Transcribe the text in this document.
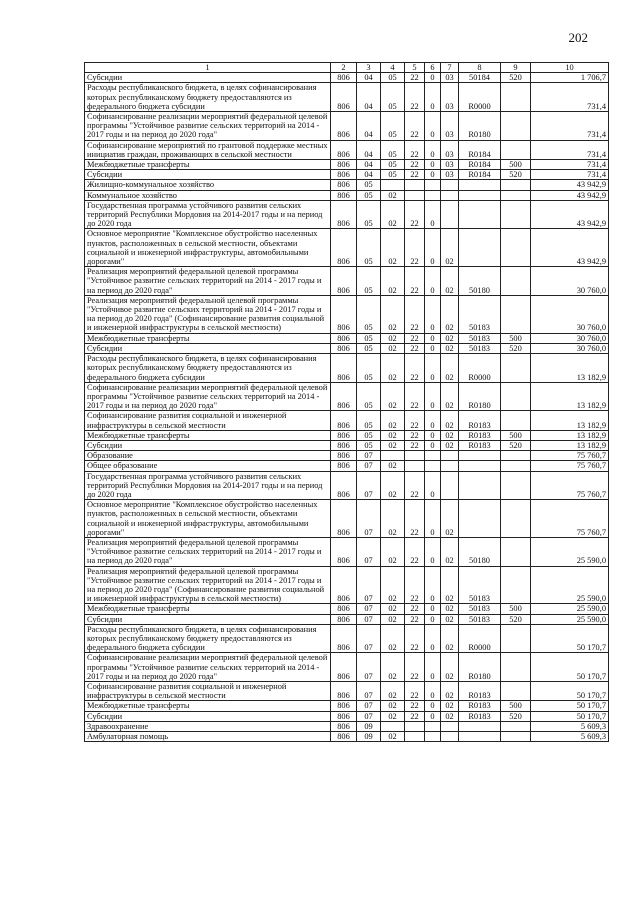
202
1	2	3	4	5	6	7	8	9	10
Субсидии	806	04	05	22	0	03	50184	520	1 706,7
Расходы республиканского бюджета, в целях софинансирования которых республиканскому бюджету предоставляются из федерального бюджета субсидии	806	04	05	22	0	03	R0000		731,4
Софинансирование реализации мероприятий федеральной целевой программы "Устойчивое развитие сельских территорий на 2014 - 2017 годы и на период до 2020 года"	806	04	05	22	0	03	R0180		731,4
Софинансирование мероприятий по грантовой поддержке местных инициатив граждан, проживающих в сельской местности	806	04	05	22	0	03	R0184		731,4
Межбюджетные трансферты	806	04	05	22	0	03	R0184	500	731,4
Субсидии	806	04	05	22	0	03	R0184	520	731,4
Жилищно-коммунальное хозяйство	806	05							43 942,9
Коммунальное хозяйство	806	05	02						43 942,9
Государственная программа устойчивого развития сельских территорий Республики Мордовия на 2014-2017 годы и на период до 2020 года	806	05	02	22	0				43 942,9
Основное мероприятие "Комплексное обустройство населенных пунктов, расположенных в сельской местности, объектами социальной и инженерной инфраструктуры, автомобильными дорогами"	806	05	02	22	0	02			43 942,9
Реализация мероприятий федеральной целевой программы "Устойчивое развитие сельских территорий на 2014 - 2017 годы и на период до 2020 года"	806	05	02	22	0	02	50180		30 760,0
Реализация мероприятий федеральной целевой программы "Устойчивое развитие сельских территорий на 2014 - 2017 годы и на период до 2020 года" (Софинансирование развития социальной и инженерной инфраструктуры в сельской местности)	806	05	02	22	0	02	50183		30 760,0
Межбюджетные трансферты	806	05	02	22	0	02	50183	500	30 760,0
Субсидии	806	05	02	22	0	02	50183	520	30 760,0
Расходы республиканского бюджета, в целях софинансирования которых республиканскому бюджету предоставляются из федерального бюджета субсидии	806	05	02	22	0	02	R0000		13 182,9
Софинансирование реализации мероприятий федеральной целевой программы "Устойчивое развитие сельских территорий на 2014 - 2017 годы и на период до 2020 года"	806	05	02	22	0	02	R0180		13 182,9
Софинансирование развития социальной и инженерной инфраструктуры в сельской местности	806	05	02	22	0	02	R0183		13 182,9
Межбюджетные трансферты	806	05	02	22	0	02	R0183	500	13 182,9
Субсидии	806	05	02	22	0	02	R0183	520	13 182,9
Образование	806	07							75 760,7
Общее образование	806	07	02						75 760,7
Государственная программа устойчивого развития сельских территорий Республики Мордовия на 2014-2017 годы и на период до 2020 года	806	07	02	22	0				75 760,7
Основное мероприятие "Комплексное обустройство населенных пунктов, расположенных в сельской местности, объектами социальной и инженерной инфраструктуры, автомобильными дорогами"	806	07	02	22	0	02			75 760,7
Реализация мероприятий федеральной целевой программы "Устойчивое развитие сельских территорий на 2014 - 2017 годы и на период до 2020 года"	806	07	02	22	0	02	50180		25 590,0
Реализация мероприятий федеральной целевой программы "Устойчивое развитие сельских территорий на 2014 - 2017 годы и на период до 2020 года" (Софинансирование развития социальной и инженерной инфраструктуры в сельской местности)	806	07	02	22	0	02	50183		25 590,0
Межбюджетные трансферты	806	07	02	22	0	02	50183	500	25 590,0
Субсидии	806	07	02	22	0	02	50183	520	25 590,0
Расходы республиканского бюджета, в целях софинансирования которых республиканскому бюджету предоставляются из федерального бюджета субсидии	806	07	02	22	0	02	R0000		50 170,7
Софинансирование реализации мероприятий федеральной целевой программы "Устойчивое развитие сельских территорий на 2014 - 2017 годы и на период до 2020 года"	806	07	02	22	0	02	R0180		50 170,7
Софинансирование развития социальной и инженерной инфраструктуры в сельской местности	806	07	02	22	0	02	R0183		50 170,7
Межбюджетные трансферты	806	07	02	22	0	02	R0183	500	50 170,7
Субсидии	806	07	02	22	0	02	R0183	520	50 170,7
Здравоохранение	806	09							5 609,3
Амбулаторная помощь	806	09	02						5 609,3
